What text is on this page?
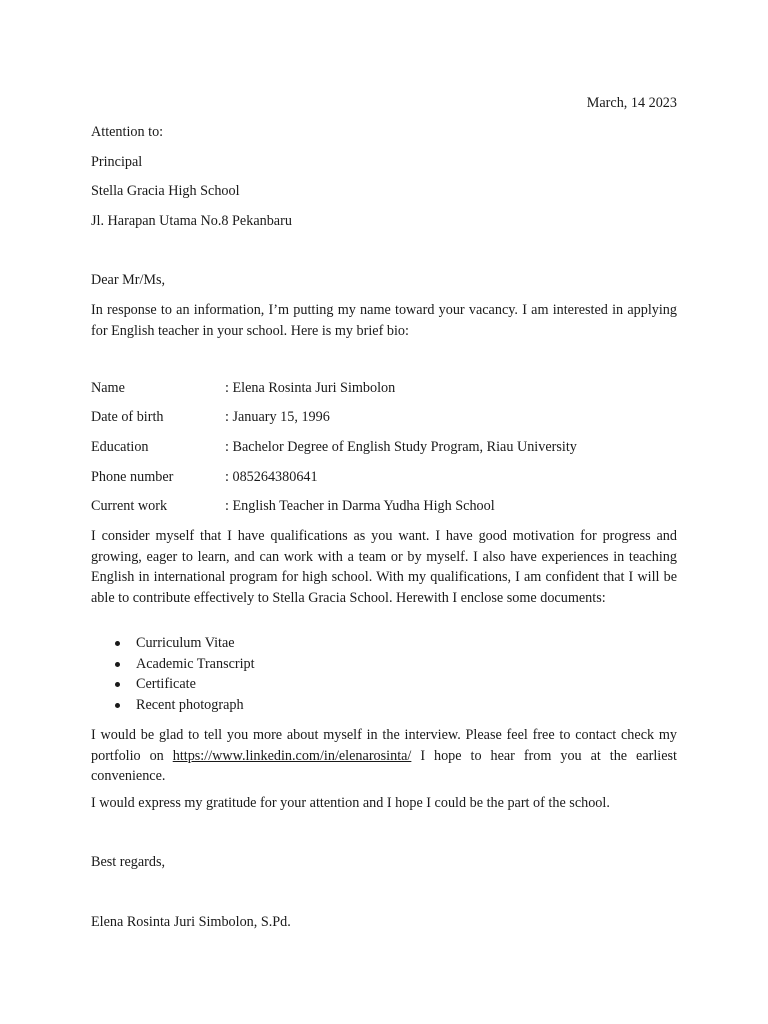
March, 14 2023
Attention to:
Principal
Stella Gracia High School
Jl. Harapan Utama No.8 Pekanbaru
Dear Mr/Ms,
In response to an information, I’m putting my name toward your vacancy. I am interested in applying for English teacher in your school. Here is my brief bio:
Name	: Elena Rosinta Juri Simbolon
Date of birth	: January 15, 1996
Education	: Bachelor Degree of English Study Program, Riau University
Phone number	: 085264380641
Current work	: English Teacher in Darma Yudha High School
I consider myself that I have qualifications as you want. I have good motivation for progress and growing, eager to learn, and can work with a team or by myself. I also have experiences in teaching English in international program for high school. With my qualifications, I am confident that I will be able to contribute effectively to Stella Gracia School. Herewith I enclose some documents:
Curriculum Vitae
Academic Transcript
Certificate
Recent photograph
I would be glad to tell you more about myself in the interview. Please feel free to contact check my portfolio on https://www.linkedin.com/in/elenarosinta/ I hope to hear from you at the earliest convenience.
I would express my gratitude for your attention and I hope I could be the part of the school.
Best regards,
Elena Rosinta Juri Simbolon, S.Pd.
